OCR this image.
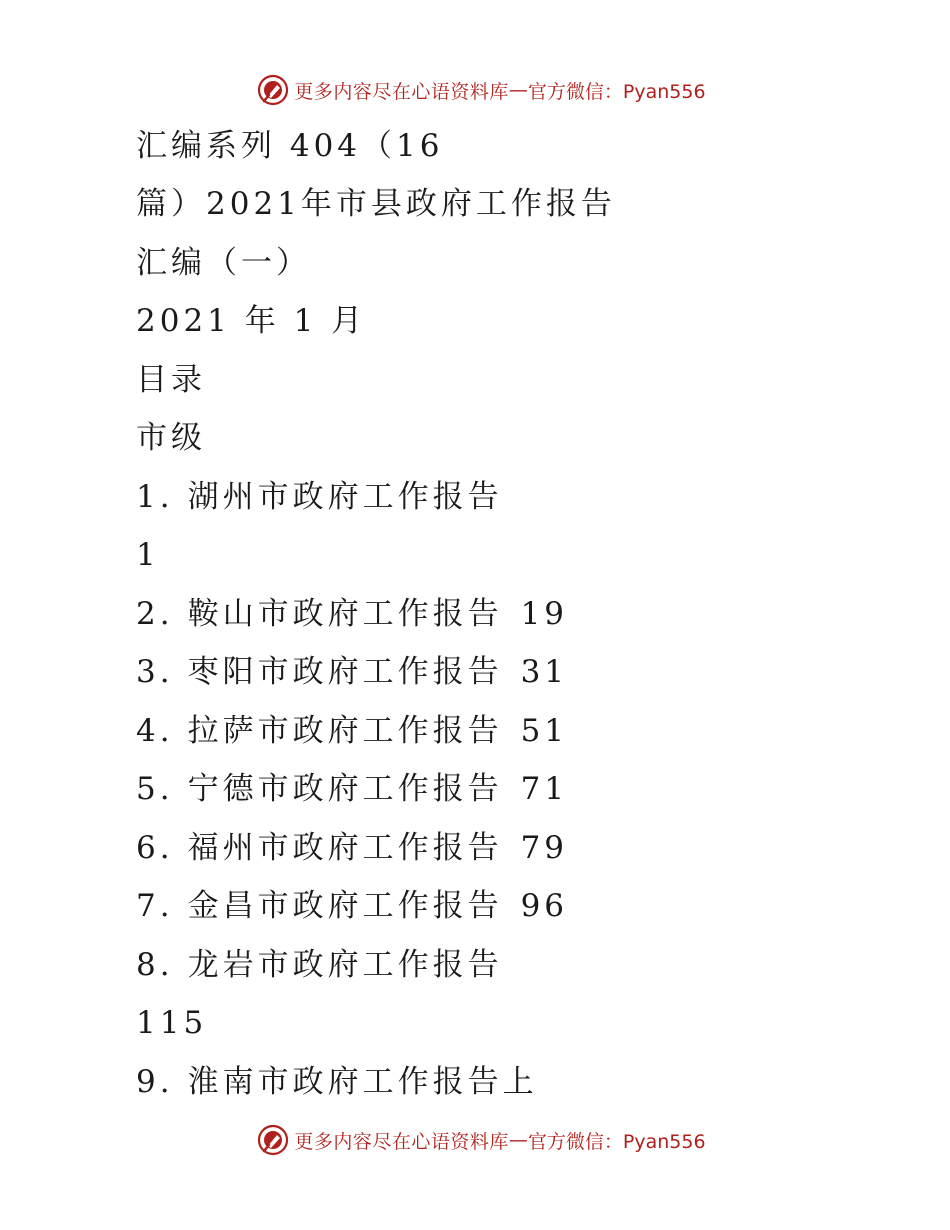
更多内容尽在心语资料库 — 官方微信：Pyan556
汇编系列 404（16
篇）2021年市县政府工作报告
汇编（一）
2021 年 1 月
目录
市级
1. 湖州市政府工作报告
1
2. 鞍山市政府工作报告 19
3. 枣阳市政府工作报告 31
4. 拉萨市政府工作报告 51
5. 宁德市政府工作报告 71
6. 福州市政府工作报告 79
7. 金昌市政府工作报告 96
8. 龙岩市政府工作报告
115
9. 淮南市政府工作报告上
更多内容尽在心语资料库 — 官方微信：Pyan556
